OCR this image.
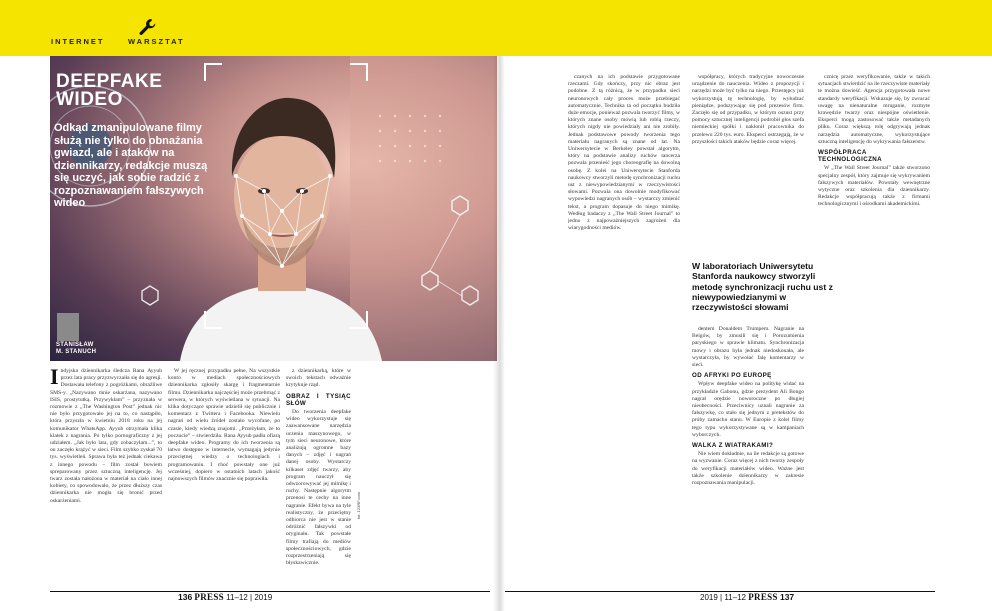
INTERNET	WARSZTAT
DEEPFAKE
WIDEO
Odkąd zmanipulowane filmy służą nie tylko do obnażania gwiazd, ale i ataków na dziennikarzy, redakcje muszą się uczyć, jak sobie radzić z rozpoznawaniem fałszywych wideo
STANISŁAW
M. STANUCH
I ndyjska dziennikarka śledcza Rana Ayyub przez lata pracy przyzwyczaiła się do agresji. Dostawała telefony z pogróżkami, obraźliwe SMS-y. „Nazywano mnie oskarżana, nazywano ISIS, prostytutką. Przywykłam” – przyznała w rozmowie z „The Washington Post” jednak nic nie było przygotowało jej na to, co nastąpiło, która przyszła w kwietniu 2018 roku na jej komunikator WhatsApp. Ayyub otrzymała klika klatek z nagrania. Po tylko pornograficzny z jej udziałem. „Jak było lata, gdy zobaczyłam...”, to on zaczęło krążyć w sieci. Film szybko zyskał 70 tys. wyświetleń. Sprawa była też jednak ciekawa z innego powodu – film został bowiem spreparowany przez sztuczną inteligencję. Jej twarz została nałożona w materiał na ciało innej kobiety, co spowodowało, że przez dłuższy czas dziennikarka nie mogła się bronić przed oskarżeniami.

W jej ręcznej przypadku pełne, Na wszystkie konto w mediach społecznościowych dziennikarka zgłosiły skargę i fragmentarnie filmu. Dziennikarka najczęściej może przebrnąć z serwera, w których wyświetlana w sytuacji. Na klika dotyczące sprawie udzielił się publicznie i komentarz z Twittera i Facebooka. Niewielu nagrań od wielu źródeł zostało wycofane, po czasie, kiedy wiedzą znajomi. „Przeżyłam, że to poczucie” – stwierdziła. Rana Ayyub padła ofiarą deepfake wideo. Programy do ich tworzenia są łatwo dostępne w internecie, wymagają jedynie przeciętnej wiedzy o technologiach i programowaniu. I choć powstały one już wcześniej, dopiero w ostatnich latach jakość najnowszych filmów znacznie się poprawiła.

z dziennikarką, które w swoich tekstach odważnie krytykuje rząd.

OBRAZ I TYSIĄC SŁÓW

Do tworzenia deepfake wideo wykorzystuje się zaawansowane narzędzia uczenia maszynowego, w tym sieci neuronowe, które analizują ogromne bazy danych – zdjęć i nagrań danej osoby. Wystarczy kilkaset zdjęć twarzy, aby program nauczył się odwzorowywać jej mimikę i ruchy. Następnie algorytm przenosi te cechy na inne nagranie. Efekt bywa na tyle realistyczny, że przeciętny odbiorca nie jest w stanie odróżnić fałszywki od oryginału. Tak powstałe filmy trafiają do mediów społecznościowych, gdzie rozprzestrzeniają się błyskawicznie.

fot. 123RF.com

czanych na ich podstawie przygotowane rzeczami. Gdy skończy, przy nic obraz jest podobne. Z tą różnicą, że w przypadku sieci neuronowych cały proces może przebiegać automatycznie. Technika ta od początku budziła duże emocje, ponieważ pozwala tworzyć filmy, w których znane osoby mówią lub robią rzeczy, których nigdy nie powiedziały ani nie zrobiły. Jednak podstawowe powody tworzenia tego materiału nagranych są znane od lat. Na Uniwersytecie w Berkeley powstał algorytm, który na podstawie analizy ruchów tancerza pozwala przenieść jego choreografię na dowolną osobę. Z kolei na Uniwersytecie Stanforda naukowcy stworzyli metodę synchronizacji ruchu ust z niewypowiedzianymi w rzeczywistości słowami. Pozwala ona dowolnie modyfikować wypowiedzi nagranych osób – wystarczy zmienić tekst, a program dopasuje do niego mimikę. Według badaczy z „The Wall Street Journal” to jedno z najpoważniejszych zagrożeń dla wiarygodności mediów.

współpracy, których tradycyjne nowoczesne urządzenie do nauczenia. Wideo z propozycji i narzędzi może być tylko na niego. Przestępcy już wykorzystują tę technologię, by wyłudzać pieniądze, podszywając się pod prezesów firm. Zaczęło się od przypadku, w którym oszust przy pomocy sztucznej inteligencji podrobił głos szefa niemieckiej spółki i nakłonił pracownika do przelewu 220 tys. euro. Eksperci ostrzegają, że w przyszłości takich ataków będzie coraz więcej.

W laboratoriach Uniwersytetu Stanforda naukowcy stworzyli metodę synchronizacji ruchu ust z niewypowiedzianymi w rzeczywistości słowami

dentem Donaldem Trumpem. Nagranie na Belgów, by zmusili się i Porozumienia paryskiego w sprawie klimatu. Synchronizacja mowy i obrazu była jednak niedoskonała, ale wystarczyła, by wywołać falę komentarzy w sieci.

OD AFRYKI PO EUROPĘ

Wpływ deepfake wideo na politykę widać na przykładzie Gabonu, gdzie prezydent Ali Bongo nagrał orędzie noworoczne po długiej nieobecności. Przeciwnicy uznali nagranie za fałszywkę, co stało się jednym z pretekstów do próby zamachu stanu. W Europie z kolei filmy tego typu wykorzystywane są w kampaniach wyborczych.

WALKA Z WIATRAKAMI?

Nie wiem dokładnie, na ile redakcje są gotowe na wyzwanie. Coraz więcej z nich tworzy zespoły do weryfikacji materiałów wideo. Ważne jest także szkolenie dziennikarzy w zakresie rozpoznawania manipulacji.

cznicę przez weryfikowanie, także w takich sytuacjach stwierdzić na ile rzeczywiste materiały te można dowieść. Agencja przygotowała nowe standardy weryfikacji. Wskazuje się, by zwracać uwagę na nienaturalne mruganie, rozmyte krawędzie twarzy oraz niespójne oświetlenie. Eksperci mogą zastosować także metadanych pliku. Coraz większą rolę odgrywają jednak narzędzia automatyczne, wykorzystujące sztuczną inteligencję do wykrywania fałszerstw.

WSPÓŁPRACA TECHNOLOGICZNA

W „The Wall Street Journal” także stworzono specjalny zespół, który zajmuje się wykrywaniem fałszywych materiałów. Powstały wewnętrzne wytyczne oraz szkolenia dla dziennikarzy. Redakcje współpracują także z firmami technologicznymi i ośrodkami akademickimi.

136 PRESS 11–12 | 2019	2019 | 11–12 PRESS 137
